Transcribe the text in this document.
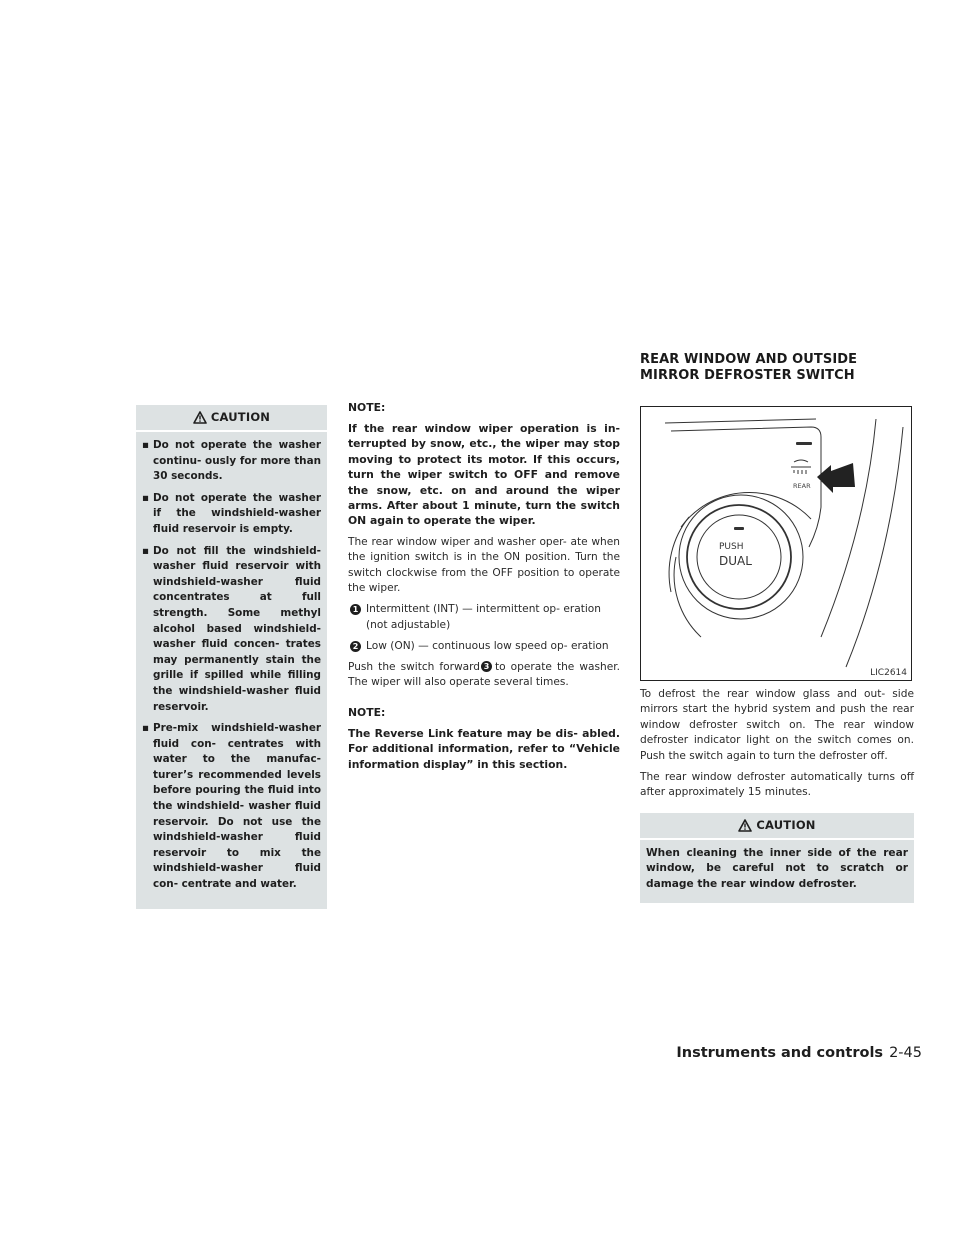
CAUTION
▪ Do not operate the washer continu- ously for more than 30 seconds.
▪ Do not operate the washer if the windshield-washer fluid reservoir is empty.
▪ Do not fill the windshield-washer fluid reservoir with windshield-washer fluid concentrates at full strength. Some methyl alcohol based windshield-washer fluid concen- trates may permanently stain the grille if spilled while filling the windshield-washer fluid reservoir.
▪ Pre-mix windshield-washer fluid con- centrates with water to the manufac- turer’s recommended levels before pouring the fluid into the windshield- washer fluid reservoir. Do not use the windshield-washer fluid reservoir to mix the windshield-washer fluid con- centrate and water.

NOTE:

If the rear window wiper operation is in- terrupted by snow, etc., the wiper may stop moving to protect its motor. If this occurs, turn the wiper switch to OFF and remove the snow, etc. on and around the wiper arms. After about 1 minute, turn the switch ON again to operate the wiper.

The rear window wiper and washer oper- ate when the ignition switch is in the ON position. Turn the switch clockwise from the OFF position to operate the wiper.

1 Intermittent (INT) — intermittent op- eration (not adjustable)
2 Low (ON) — continuous low speed op- eration

Push the switch forward 3 to operate the washer. The wiper will also operate several times.

NOTE:

The Reverse Link feature may be dis- abled. For additional information, refer to “Vehicle information display” in this section.

REAR WINDOW AND OUTSIDE
MIRROR DEFROSTER SWITCH
REAR
PUSH
DUAL
LIC2614

To defrost the rear window glass and out- side mirrors start the hybrid system and push the rear window defroster switch on. The rear window defroster indicator light on the switch comes on. Push the switch again to turn the defroster off.

The rear window defroster automatically turns off after approximately 15 minutes.

CAUTION
When cleaning the inner side of the rear window, be careful not to scratch or damage the rear window defroster.
Instruments and controls 2-45
